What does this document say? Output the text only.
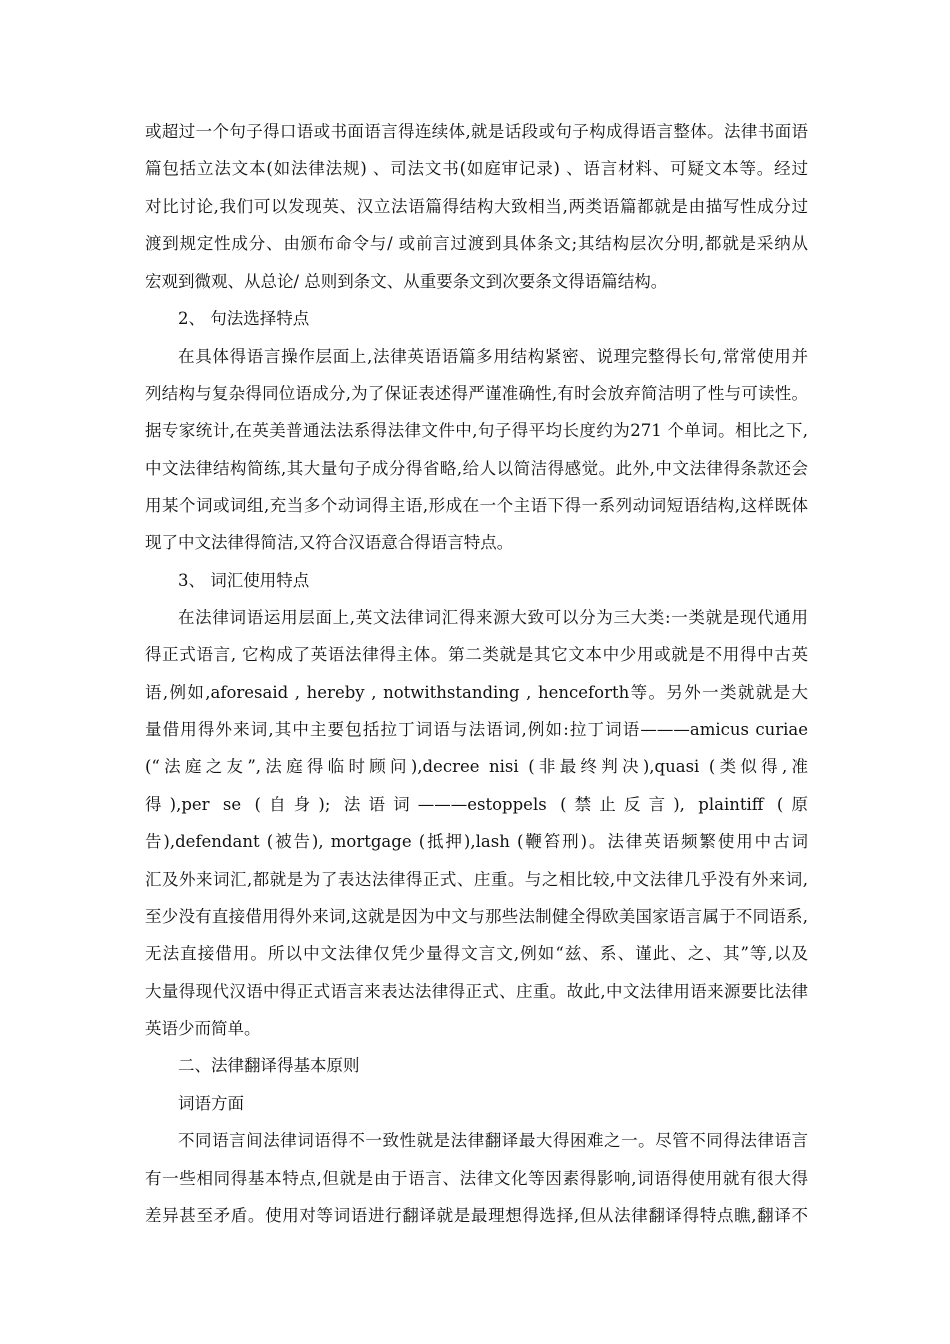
或超过一个句子得口语或书面语言得连续体,就是话段或句子构成得语言整体。法律书面语

篇包括立法文本(如法律法规) 、司法文书(如庭审记录) 、语言材料、可疑文本等。经过

对比讨论,我们可以发现英、汉立法语篇得结构大致相当,两类语篇都就是由描写性成分过

渡到规定性成分、由颁布命令与/ 或前言过渡到具体条文;其结构层次分明,都就是采纳从

宏观到微观、从总论/ 总则到条文、从重要条文到次要条文得语篇结构。

2、 句法选择特点

在具体得语言操作层面上,法律英语语篇多用结构紧密、说理完整得长句,常常使用并

列结构与复杂得同位语成分,为了保证表述得严谨准确性,有时会放弃简洁明了性与可读性。

据专家统计,在英美普通法法系得法律文件中,句子得平均长度约为271 个单词。相比之下,

中文法律结构简练,其大量句子成分得省略,给人以简洁得感觉。此外,中文法律得条款还会

用某个词或词组,充当多个动词得主语,形成在一个主语下得一系列动词短语结构,这样既体

现了中文法律得简洁,又符合汉语意合得语言特点。

3、 词汇使用特点

在法律词语运用层面上,英文法律词汇得来源大致可以分为三大类:一类就是现代通用

得正式语言, 它构成了英语法律得主体。第二类就是其它文本中少用或就是不用得中古英

语,例如,aforesaid , hereby , notwithstanding , henceforth等。另外一类就就是大

量借用得外来词,其中主要包括拉丁词语与法语词,例如:拉丁词语———amicus curiae

(“法庭之友”,法庭得临时顾问),decree nisi (非最终判决),quasi (类似得,准

得),per se (自身); 法语词———estoppels (禁止反言), plaintiff (原

告),defendant (被告), mortgage (抵押),lash (鞭笞刑)。法律英语频繁使用中古词

汇及外来词汇,都就是为了表达法律得正式、庄重。与之相比较,中文法律几乎没有外来词,

至少没有直接借用得外来词,这就是因为中文与那些法制健全得欧美国家语言属于不同语系,

无法直接借用。所以中文法律仅凭少量得文言文,例如“兹、系、谨此、之、其”等,以及

大量得现代汉语中得正式语言来表达法律得正式、庄重。故此,中文法律用语来源要比法律

英语少而简单。

二、法律翻译得基本原则

词语方面

不同语言间法律词语得不一致性就是法律翻译最大得困难之一。尽管不同得法律语言

有一些相同得基本特点,但就是由于语言、法律文化等因素得影响,词语得使用就有很大得

差异甚至矛盾。使用对等词语进行翻译就是最理想得选择,但从法律翻译得特点瞧,翻译不
